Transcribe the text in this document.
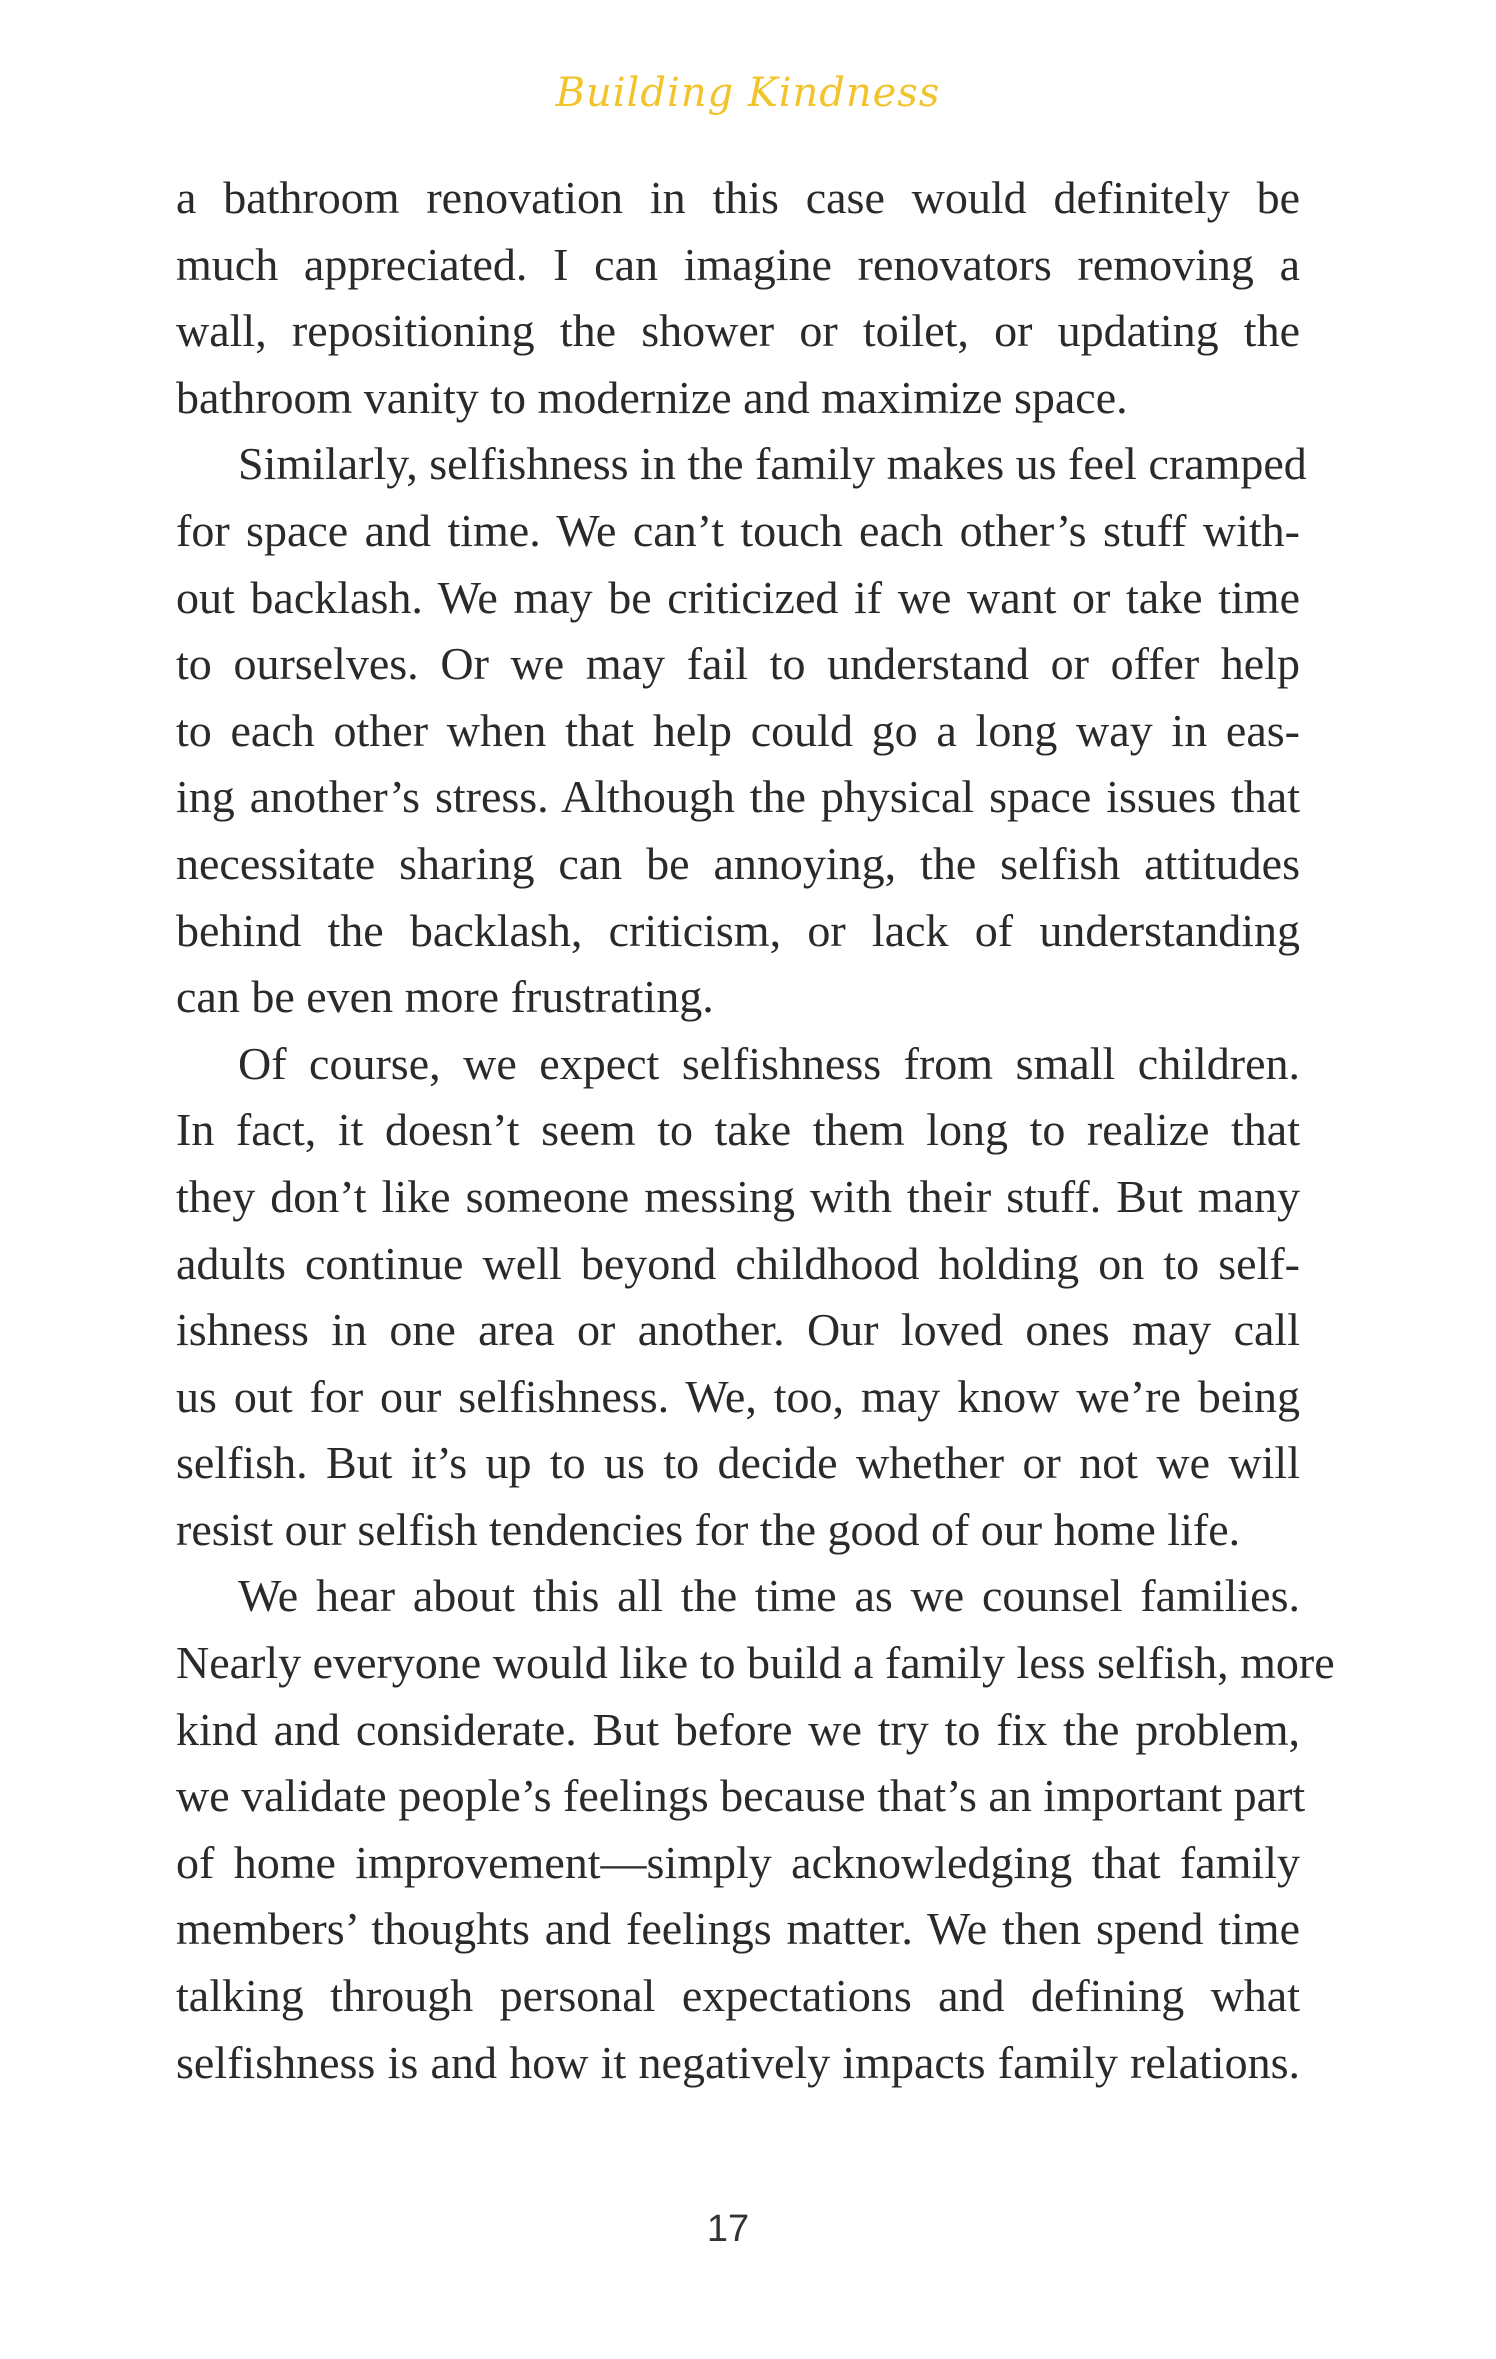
Building Kindness
a bathroom renovation in this case would definitely be
much appreciated. I can imagine renovators removing a
wall, repositioning the shower or toilet, or updating the
bathroom vanity to modernize and maximize space.
Similarly, selfishness in the family makes us feel cramped
for space and time. We can’t touch each other’s stuff with-
out backlash. We may be criticized if we want or take time
to ourselves. Or we may fail to understand or offer help
to each other when that help could go a long way in eas-
ing another’s stress. Although the physical space issues that
necessitate sharing can be annoying, the selfish attitudes
behind the backlash, criticism, or lack of understanding
can be even more frustrating.
Of course, we expect selfishness from small children.
In fact, it doesn’t seem to take them long to realize that
they don’t like someone messing with their stuff. But many
adults continue well beyond childhood holding on to self-
ishness in one area or another. Our loved ones may call
us out for our selfishness. We, too, may know we’re being
selfish. But it’s up to us to decide whether or not we will
resist our selfish tendencies for the good of our home life.
We hear about this all the time as we counsel families.
Nearly everyone would like to build a family less selfish, more
kind and considerate. But before we try to fix the problem,
we validate people’s feelings because that’s an important part
of home improvement—simply acknowledging that family
members’ thoughts and feelings matter. We then spend time
talking through personal expectations and defining what
selfishness is and how it negatively impacts family relations.
17
